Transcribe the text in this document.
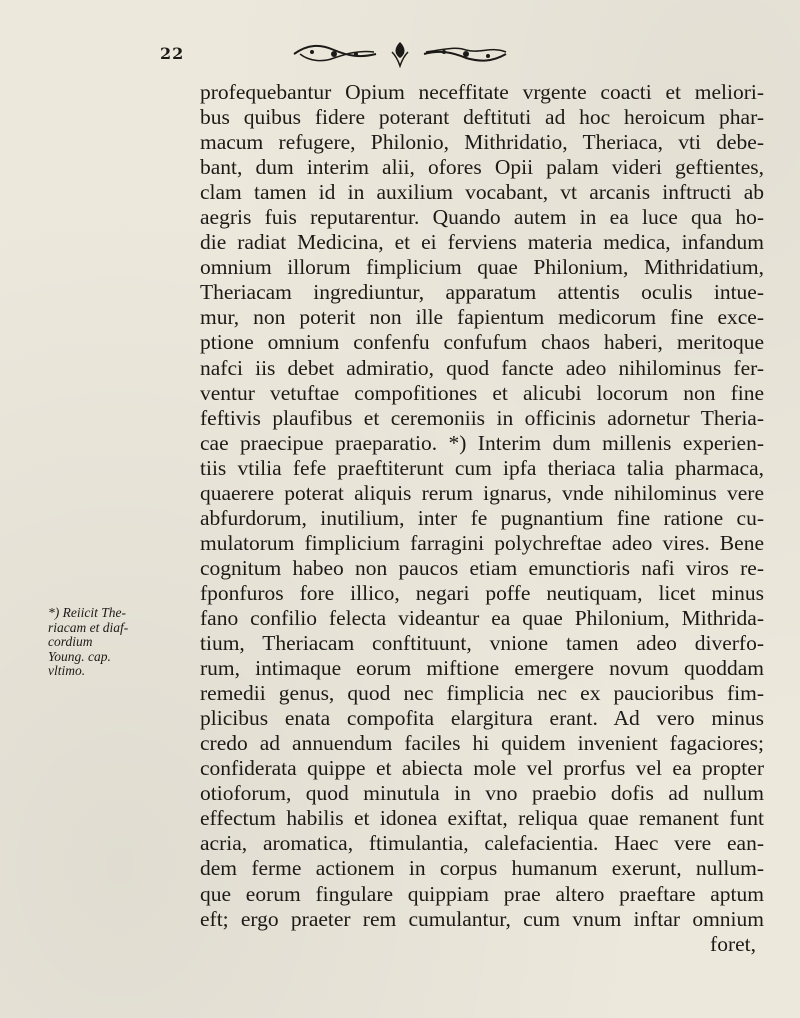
22
profequebantur Opium neceffitate vrgente coacti et meliori-
bus quibus fidere poterant deftituti ad hoc heroicum phar-
macum refugere, Philonio, Mithridatio, Theriaca, vti debe-
bant, dum interim alii, ofores Opii palam videri geftientes,
clam tamen id in auxilium vocabant, vt arcanis inftructi ab
aegris fuis reputarentur. Quando autem in ea luce qua ho-
die radiat Medicina, et ei ferviens materia medica, infandum
omnium illorum fimplicium quae Philonium, Mithridatium,
Theriacam ingrediuntur, apparatum attentis oculis intue-
mur, non poterit non ille fapientum medicorum fine exce-
ptione omnium confenfu confufum chaos haberi, meritoque
nafci iis debet admiratio, quod fancte adeo nihilominus fer-
ventur vetuftae compofitiones et alicubi locorum non fine
feftivis plaufibus et ceremoniis in officinis adornetur Theria-
cae praecipue praeparatio. *) Interim dum millenis experien-
tiis vtilia fefe praeftiterunt cum ipfa theriaca talia pharmaca,
quaerere poterat aliquis rerum ignarus, vnde nihilominus vere
abfurdorum, inutilium, inter fe pugnantium fine ratione cu-
mulatorum fimplicium farragini polychreftae adeo vires. Bene
cognitum habeo non paucos etiam emunctioris nafi viros re-
fponfuros fore illico, negari poffe neutiquam, licet minus
fano confilio felecta videantur ea quae Philonium, Mithrida-
tium, Theriacam conftituunt, vnione tamen adeo diverfo-
rum, intimaque eorum miftione emergere novum quoddam
remedii genus, quod nec fimplicia nec ex paucioribus fim-
plicibus enata compofita elargitura erant. Ad vero minus
credo ad annuendum faciles hi quidem invenient fagaciores;
confiderata quippe et abiecta mole vel prorfus vel ea propter
otioforum, quod minutula in vno praebio dofis ad nullum
effectum habilis et idonea exiftat, reliqua quae remanent funt
acria, aromatica, ftimulantia, calefacientia. Haec vere ean-
dem ferme actionem in corpus humanum exerunt, nullum-
que eorum fingulare quippiam prae altero praeftare aptum
eft; ergo praeter rem cumulantur, cum vnum inftar omnium
foret,
*) Reiicit The-
riacam et diaf-
cordium
Young. cap.
vltimo.
